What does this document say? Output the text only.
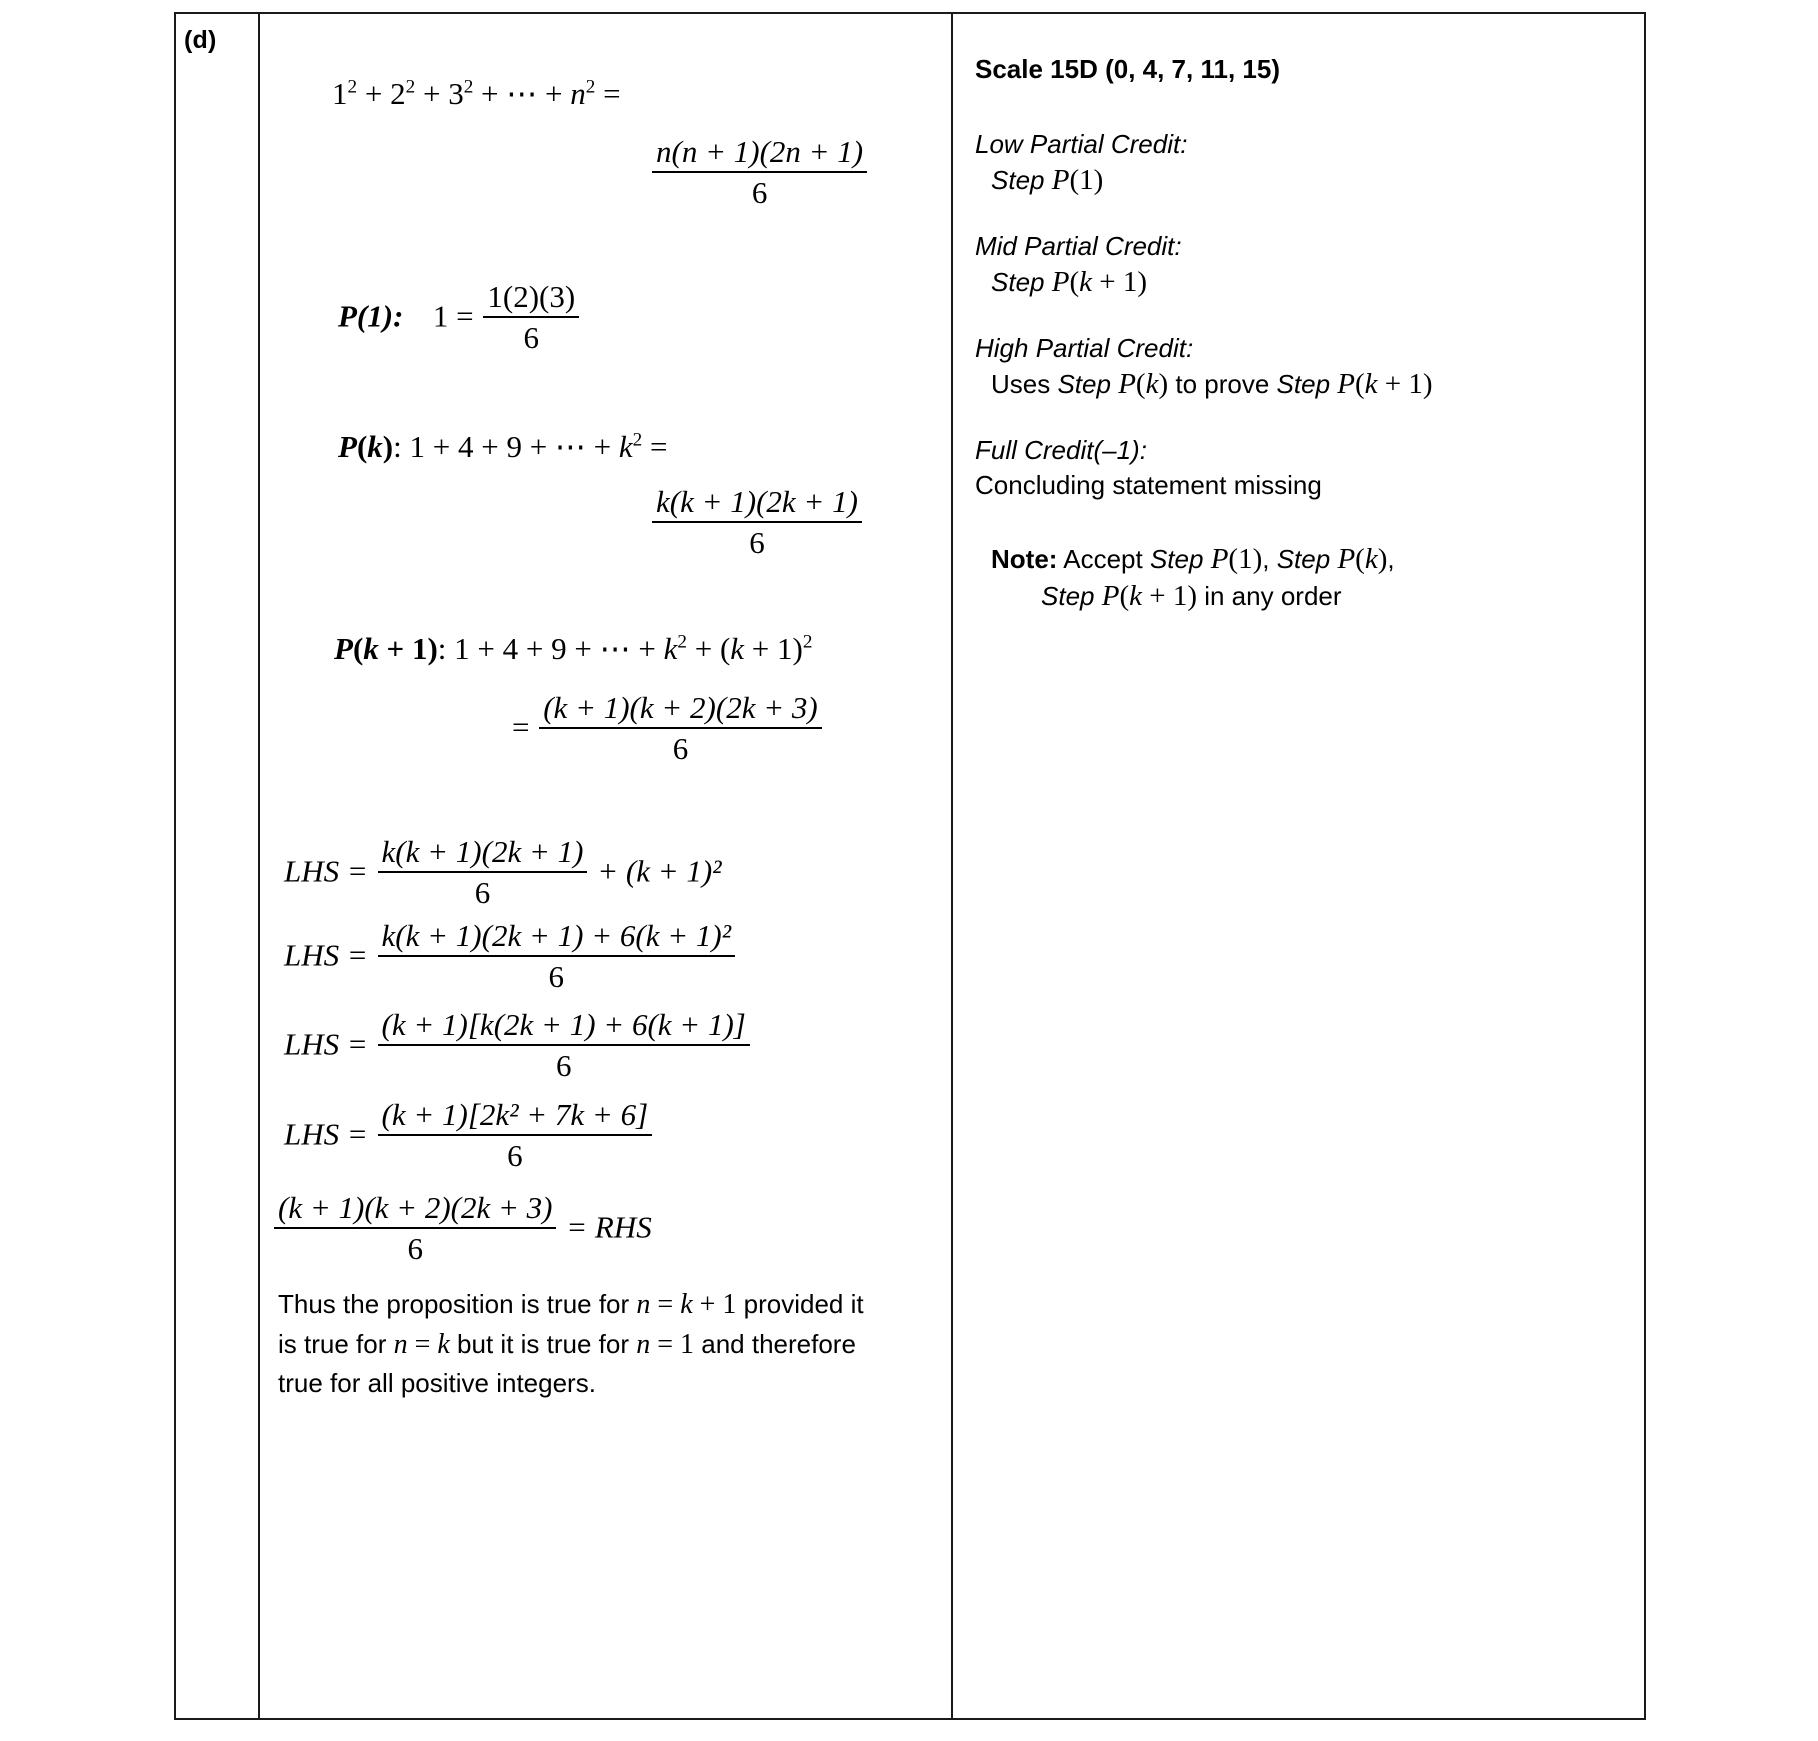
(d)
$1^2 + 2^2 + 3^2$ + ⋯ + $n^2$ =
$\frac{n(n + 1)(2n + 1)}{6}$
P(1): $1 = \frac{1(2)(3)}{6}$
P(k): 1 + 4 + 9 + ⋯ + $k^2$ =
$\frac{k(k + 1)(2k + 1)}{6}$
P(k + 1): 1 + 4 + 9 + ⋯ + $k^2 + (k + 1)^2$
= $\frac{(k + 1)(k + 2)(2k + 3)}{6}$
LHS = $\frac{k(k + 1)(2k + 1)}{6} + (k + 1)^2$
LHS = $\frac{\text{k(k + 1)(2k + 1) + 6(k + 1)²}}{6}$
LHS = $\frac{(k + 1)[k(2k + 1) + 6(k + 1)]}{6}$
LHS = $\frac{\text{(k + 1)[2k² + 7k + 6]}}{6}$
$\frac{(k + 1)(k + 2)(2k + 3)}{6}$ = RHS
Thus the proposition is true for n = k + 1 provided it is true for n = k but it is true for n = 1 and therefore true for all positive integers.
Scale 15D (0, 4, 7, 11, 15)
Low Partial Credit:
Step P(1)
Mid Partial Credit:
Step P(k + 1)
High Partial Credit:
Uses Step P(k) to prove Step P(k + 1)
Full Credit(–1):
Concluding statement missing
Note: Accept Step P(1), Step P(k),
Step P(k + 1) in any order
